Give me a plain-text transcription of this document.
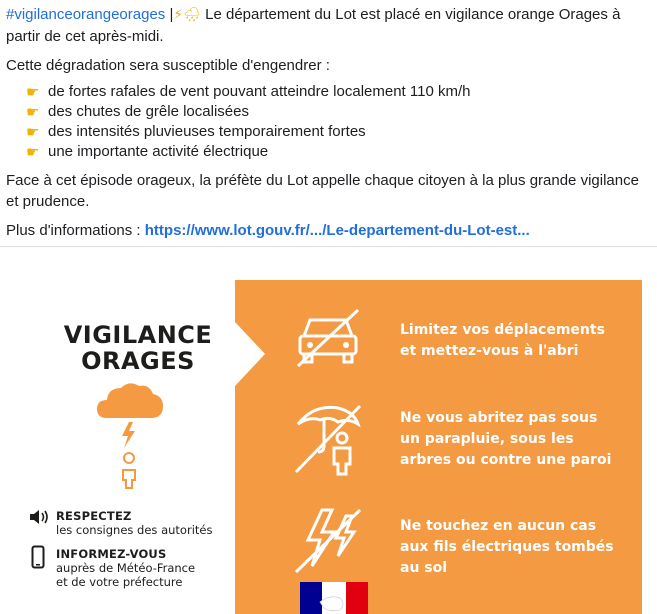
#vigilanceorangeorages |⚡🌧 Le département du Lot est placé en vigilance orange Orages à partir de cet après-midi.
Cette dégradation sera susceptible d'engendrer :
☛ de fortes rafales de vent pouvant atteindre localement 110 km/h
☛ des chutes de grêle localisées
☛ des intensités pluvieuses temporairement fortes
☛ une importante activité électrique
Face à cet épisode orageux, la préfète du Lot appelle chaque citoyen à la plus grande vigilance et prudence.
Plus d'informations : https://www.lot.gouv.fr/.../Le-departement-du-Lot-est...
VIGILANCE
ORAGES
RESPECTEZ
les consignes des autorités
INFORMEZ-VOUS
auprès de Météo-France
et de votre préfecture
Limitez vos déplacements et mettez-vous à l'abri
Ne vous abritez pas sous un parapluie, sous les arbres ou contre une paroi
Ne touchez en aucun cas aux fils électriques tombés au sol
